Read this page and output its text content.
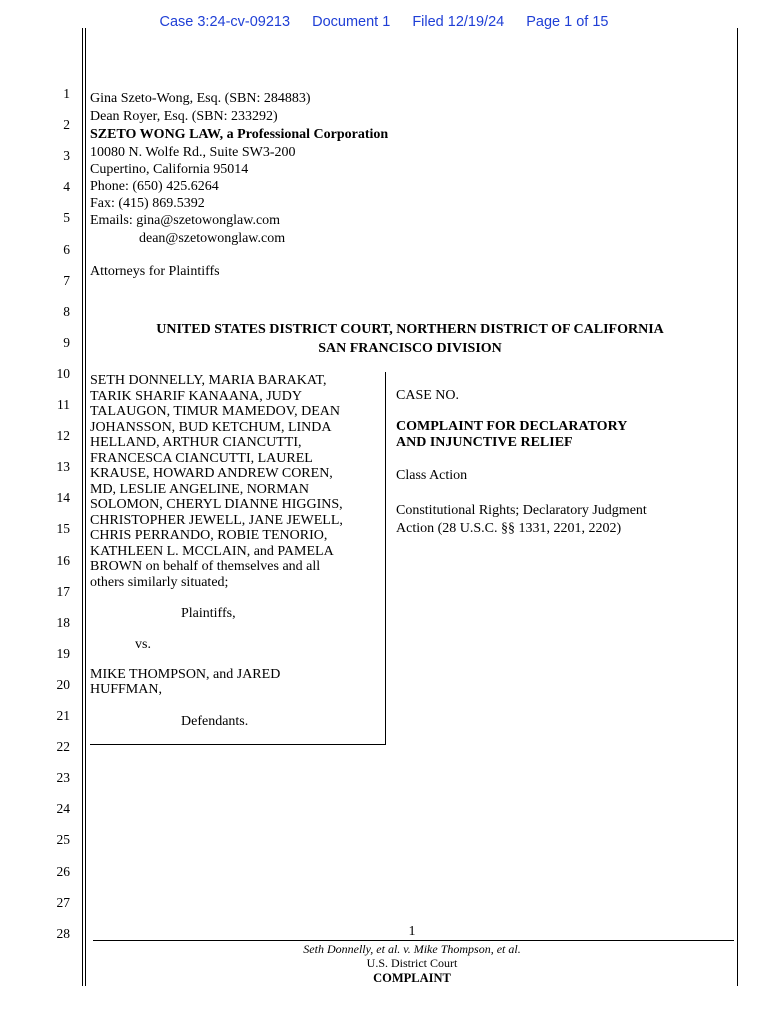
Case 3:24-cv-09213 Document 1 Filed 12/19/24 Page 1 of 15
1
2
3
4
5
6
7
8
9
10
11
12
13
14
15
16
17
18
19
20
21
22
23
24
25
26
27
28
Gina Szeto-Wong, Esq. (SBN: 284883)
Dean Royer, Esq. (SBN: 233292)
SZETO WONG LAW, a Professional Corporation
10080 N. Wolfe Rd., Suite SW3-200
Cupertino, California 95014
Phone: (650) 425.6264
Fax: (415) 869.5392
Emails: gina@szetowonglaw.com
dean@szetowonglaw.com
Attorneys for Plaintiffs
UNITED STATES DISTRICT COURT, NORTHERN DISTRICT OF CALIFORNIA
SAN FRANCISCO DIVISION
SETH DONNELLY, MARIA BARAKAT,
TARIK SHARIF KANAANA, JUDY
TALAUGON, TIMUR MAMEDOV, DEAN
JOHANSSON, BUD KETCHUM, LINDA
HELLAND, ARTHUR CIANCUTTI,
FRANCESCA CIANCUTTI, LAUREL
KRAUSE, HOWARD ANDREW COREN,
MD, LESLIE ANGELINE, NORMAN
SOLOMON, CHERYL DIANNE HIGGINS,
CHRISTOPHER JEWELL, JANE JEWELL,
CHRIS PERRANDO, ROBIE TENORIO,
KATHLEEN L. MCCLAIN, and PAMELA
BROWN on behalf of themselves and all
others similarly situated;
Plaintiffs,
vs.
MIKE THOMPSON, and JARED
HUFFMAN,
Defendants.
CASE NO.
COMPLAINT FOR DECLARATORY
AND INJUNCTIVE RELIEF
Class Action
Constitutional Rights; Declaratory Judgment
Action (28 U.S.C. §§ 1331, 2201, 2202)
1
Seth Donnelly, et al. v. Mike Thompson, et al.
U.S. District Court
COMPLAINT
